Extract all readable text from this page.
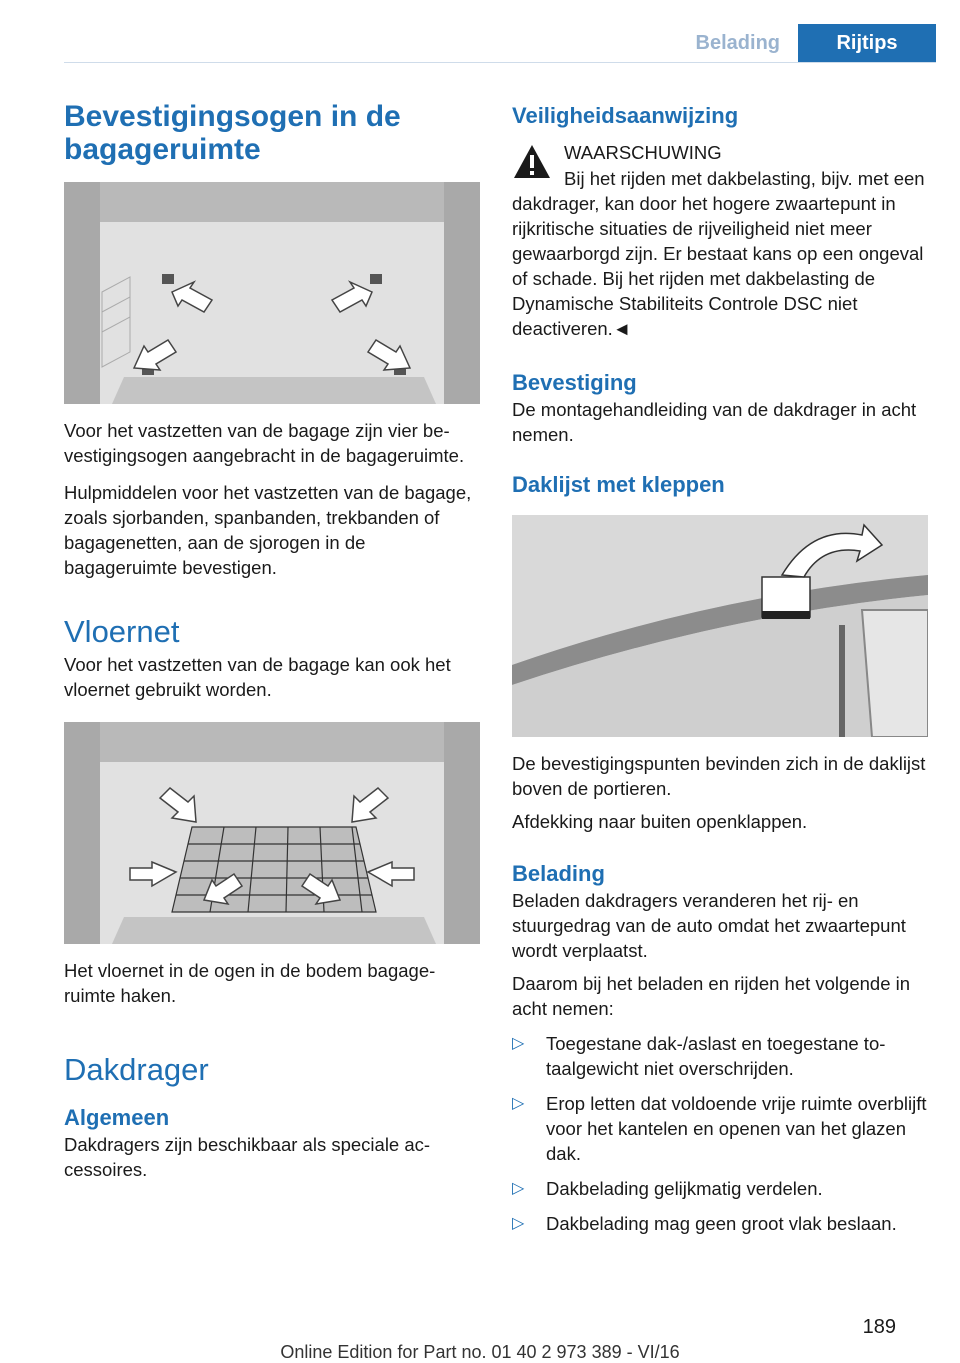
Belading	Rijtips
Bevestigingsogen in de bagageruimte

Voor het vastzetten van de bagage zijn vier bevestigingsogen aangebracht in de bagageruimte.

Hulpmiddelen voor het vastzetten van de bagage, zoals sjorbanden, spanbanden, trekbanden of bagagenetten, aan de sjorogen in de bagageruimte bevestigen.

Vloernet

Voor het vastzetten van de bagage kan ook het vloernet gebruikt worden.

Het vloernet in de ogen in de bodem bagageruimte haken.

Dakdrager
Algemeen

Dakdragers zijn beschikbaar als speciale accessoires.

Veiligheidsaanwijzing
WAARSCHUWING

Bij het rijden met dakbelasting, bijv. met een dakdrager, kan door het hogere zwaartepunt in rijkritische situaties de rijveiligheid niet meer gewaarborgd zijn. Er bestaat kans op een ongeval of schade. Bij het rijden met dakbelasting de Dynamische Stabiliteits Controle DSC niet deactiveren.◄

Bevestiging

De montagehandleiding van de dakdrager in acht nemen.

Daklijst met kleppen

De bevestigingspunten bevinden zich in de daklijst boven de portieren.

Afdekking naar buiten openklappen.

Belading

Beladen dakdragers veranderen het rij- en stuurgedrag van de auto omdat het zwaartepunt wordt verplaatst.

Daarom bij het beladen en rijden het volgende in acht nemen:

▷ Toegestane dak-/aslast en toegestane totaalgewicht niet overschrijden.
▷ Erop letten dat voldoende vrije ruimte overblijft voor het kantelen en openen van het glazen dak.
▷ Dakbelading gelijkmatig verdelen.
▷ Dakbelading mag geen groot vlak beslaan.
189
Online Edition for Part no. 01 40 2 973 389 - VI/16
